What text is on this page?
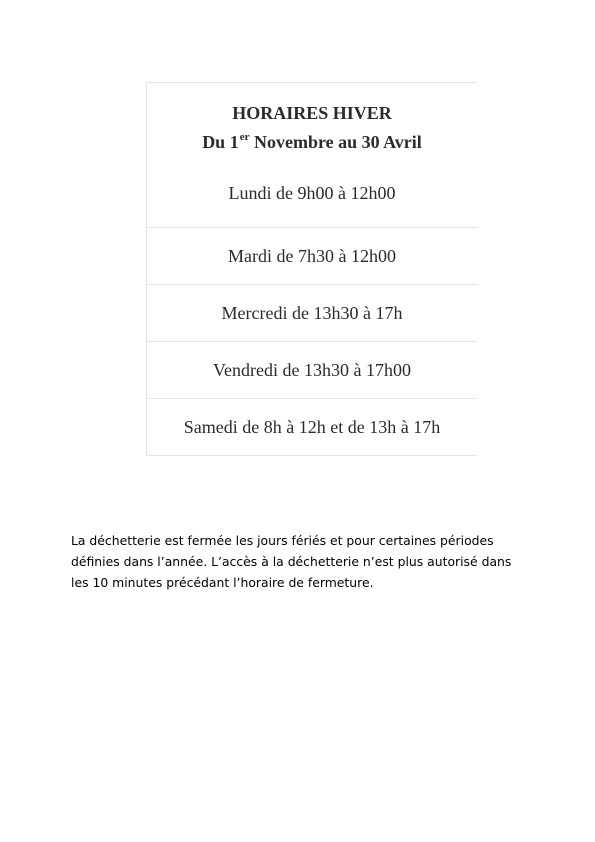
HORAIRES HIVER
Du 1er Novembre au 30 Avril
Lundi de 9h00 à 12h00
Mardi de 7h30 à 12h00
Mercredi de 13h30 à 17h
Vendredi de 13h30 à 17h00
Samedi de 8h à 12h et de 13h à 17h

La déchetterie est fermée les jours fériés et pour certaines périodes
définies dans l’année. L’accès à la déchetterie n’est plus autorisé dans
les 10 minutes précédant l’horaire de fermeture.
